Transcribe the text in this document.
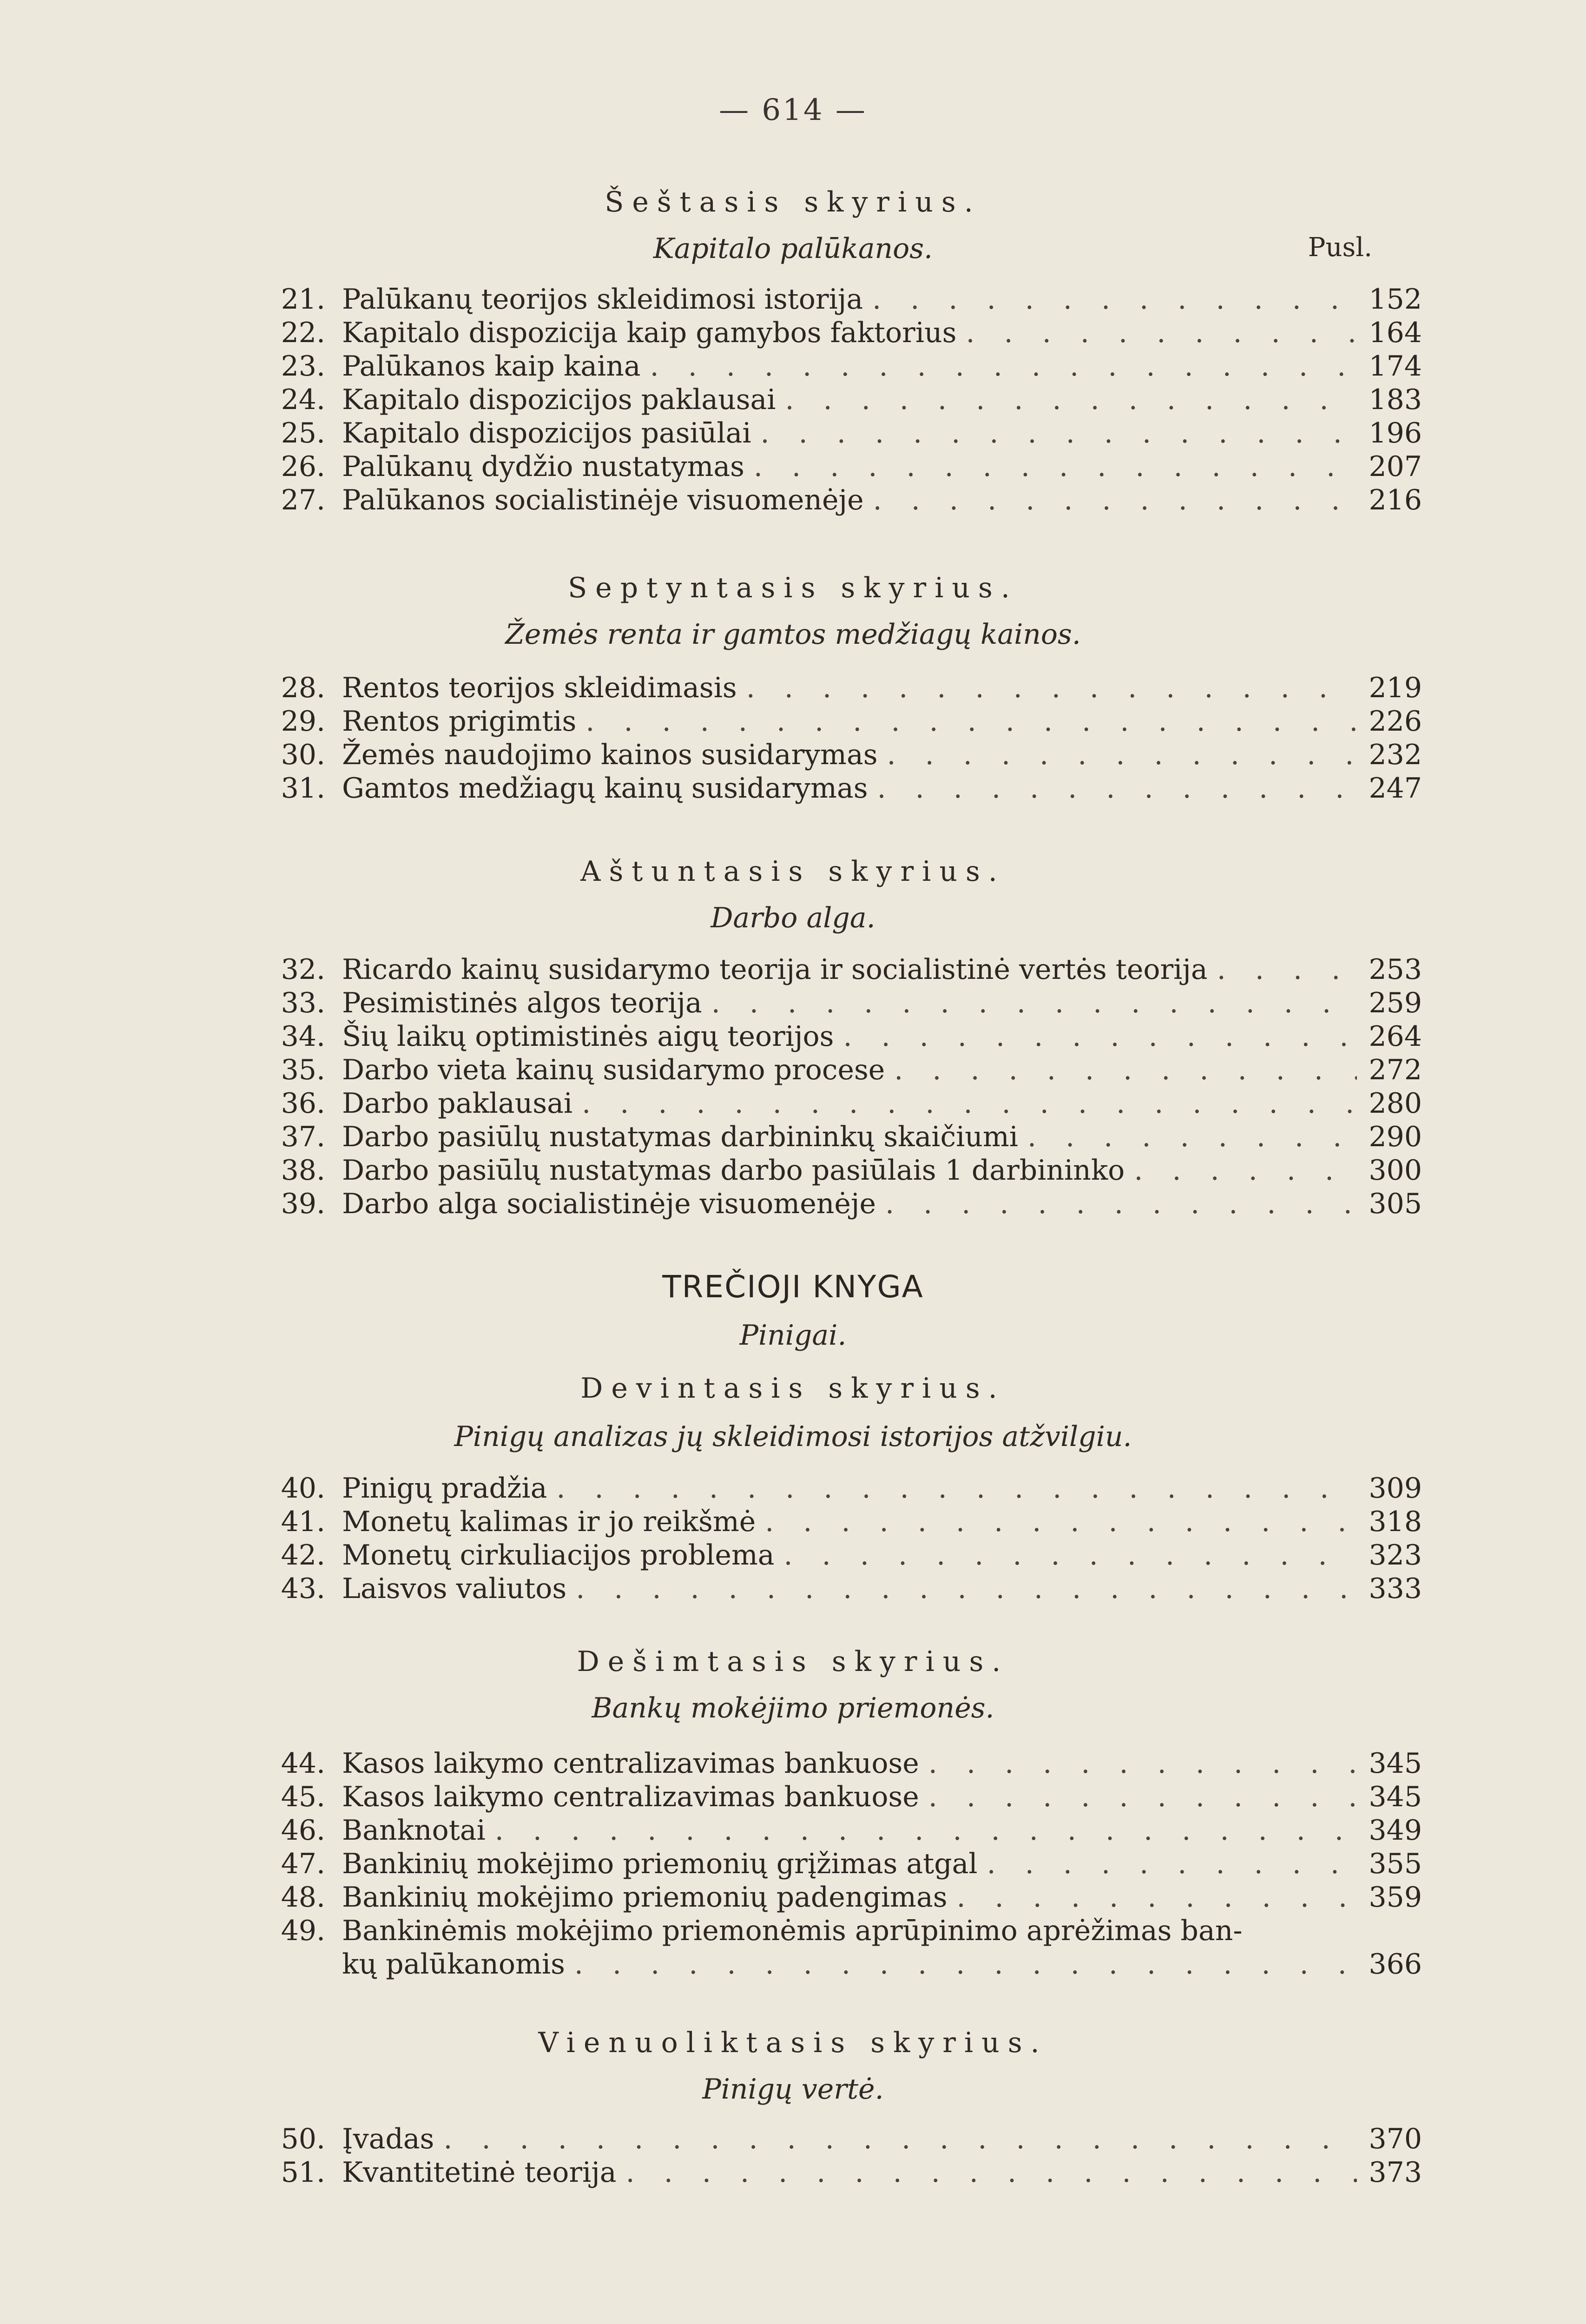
— 614 —
Šeštasis skyrius.
Kapitalo palūkanos.	Pusl.
21. Palūkanų teorijos skleidimosi istorija . . .	152
22. Kapitalo dispozicija kaip gamybos faktorius . . .	164
23. Palūkanos kaip kaina . . .	174
24. Kapitalo dispozicijos paklausai . . .	183
25. Kapitalo dispozicijos pasiūlai . . .	196
26. Palūkanų dydžio nustatymas . . .	207
27. Palūkanos socialistinėje visuomenėje . . .	216
Septyntasis skyrius.
Žemės renta ir gamtos medžiagų kainos.
28. Rentos teorijos skleidimasis . . .	219
29. Rentos prigimtis . . .	226
30. Žemės naudojimo kainos susidarymas . . .	232
31. Gamtos medžiagų kainų susidarymas . . .	247
Aštuntasis skyrius.
Darbo alga.
32. Ricardo kainų susidarymo teorija ir socialistinė vertės teorija . . .	253
33. Pesimistinės algos teorija . . .	259
34. Šių laikų optimistinės aigų teorijos . . .	264
35. Darbo vieta kainų susidarymo procese . . .	272
36. Darbo paklausai . . .	280
37. Darbo pasiūlų nustatymas darbininkų skaičiumi . . .	290
38. Darbo pasiūlų nustatymas darbo pasiūlais 1 darbininko . . .	300
39. Darbo alga socialistinėje visuomenėje . . .	305
TREČIOJI KNYGA
Pinigai.
Devintasis skyrius.
Pinigų analizas jų skleidimosi istorijos atžvilgiu.
40. Pinigų pradžia . . .	309
41. Monetų kalimas ir jo reikšmė . . .	318
42. Monetų cirkuliacijos problema . . .	323
43. Laisvos valiutos . . .	333
Dešimtasis skyrius.
Bankų mokėjimo priemonės.
44. Kasos laikymo centralizavimas bankuose . . .	345
45. Kasos laikymo centralizavimas bankuose . . .	345
46. Banknotai . . .	349
47. Bankinių mokėjimo priemonių grįžimas atgal . . .	355
48. Bankinių mokėjimo priemonių padengimas . . .	359
49. Bankinėmis mokėjimo priemonėmis aprūpinimo aprėžimas ban-
kų palūkanomis . . .	366
Vienuoliktasis skyrius.
Pinigų vertė.
50. Įvadas . . .	370
51. Kvantitetinė teorija . . .	373
